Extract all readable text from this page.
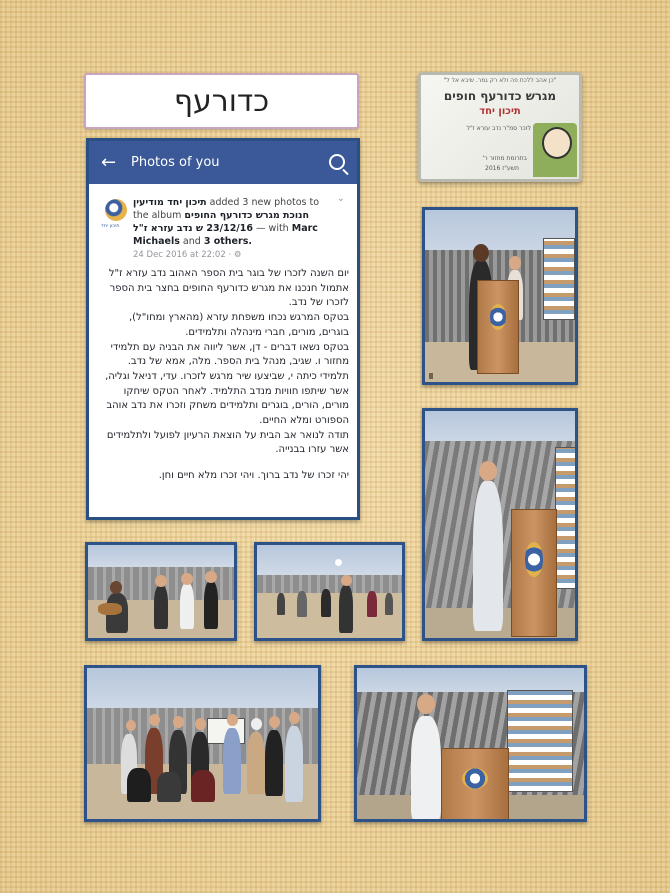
כדורעף
"כן אהב ללכת פה ולא רק גמר. שיבא אל ל"
מגרש כדורעף חופים
תיכון יחד
לזכר סמ"ר נדב עזרא ז"ל
בתרומת מחזור ר'
תשע"ז 2016
← Photos of you
תיכון יחד
⌄
תיכון יחד מודיעין added 3 new photos to the album חנוכת מגרש כדורעף החופים 23/12/16 ש נדב עזרא ז"ל — with Marc Michaels and 3 others.
24 Dec 2016 at 22:02 · ⚙

יום השנה לזכרו של בוגר בית הספר האהוב נדב עזרא ז"ל

אתמול חנכנו את מגרש כדורעף החופים בחצר בית הספר לזכרו של נדב.

בטקס המרגש נכחו משפחת עזרא (מהארץ ומחו"ל), בוגרים, מורים, חברי מינהלה ותלמידים.

בטקס נשאו דברים - דן, אשר ליווה את הבניה עם תלמידי מחזור ו. שגיב, מנהל בית הספר. מלה, אמא של נדב. תלמידי כיתה י, שביצעו שיר מרגש לזכרו. עדי, דניאל וגליה, אשר שיתפו חוויות מנדב התלמיד. לאחר הטקס שיחקו מורים, הורים, בוגרים ותלמידים משחק וזכרו את נדב אוהב הספורט ומלא החיים.

תודה לנואר אב הבית על הוצאת הרעיון לפועל ולתלמידים אשר עזרו בבנייה.

יהי זכרו של נדב ברוך. ויהי זכרו מלא חיים וחן.
